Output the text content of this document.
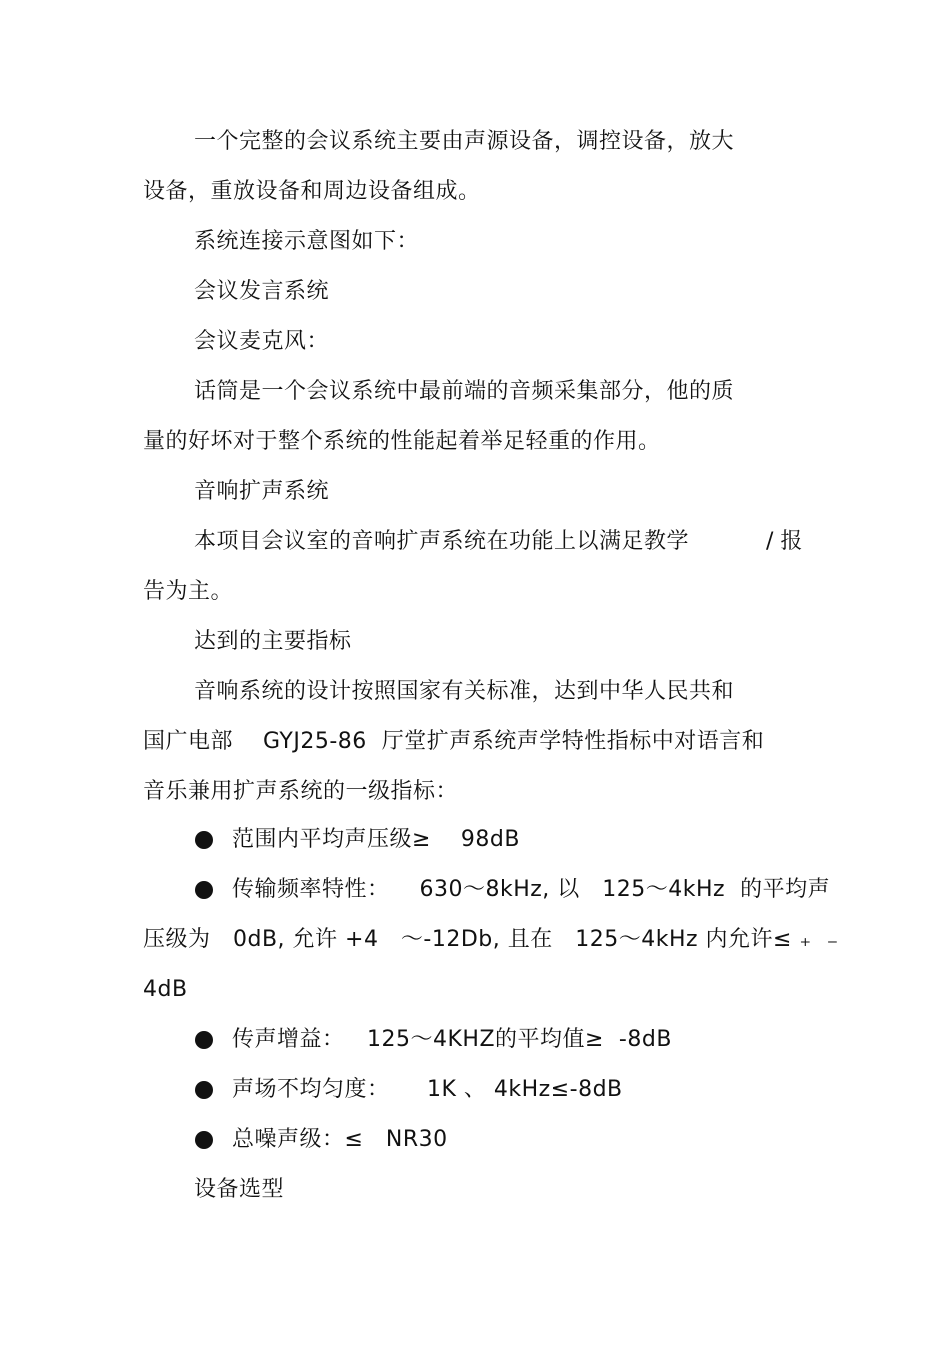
一个完整的会议系统主要由声源设备，调控设备，放大
设备，重放设备和周边设备组成。
系统连接示意图如下：
会议发言系统
会议麦克风：
话筒是一个会议系统中最前端的音频采集部分，他的质
量的好坏对于整个系统的性能起着举足轻重的作用。
音响扩声系统
本项目会议室的音响扩声系统在功能上以满足教学	/ 报
告为主。
达到的主要指标
音响系统的设计按照国家有关标准，达到中华人民共和
国广电部    GYJ25-86  厅堂扩声系统声学特性指标中对语言和
音乐兼用扩声系统的一级指标：
范围内平均声压级≥    98dB
传输频率特性：    630～8kHz, 以   125～4kHz  的平均声
压级为   0dB, 允许 +4   ～-12Db, 且在   125～4kHz 内允许≤ ₊  ₋
4dB
传声增益：   125～4KHZ的平均值≥  -8dB
声场不均匀度：     1K 、 4kHz≤-8dB
总噪声级：≤   NR30
设备选型
